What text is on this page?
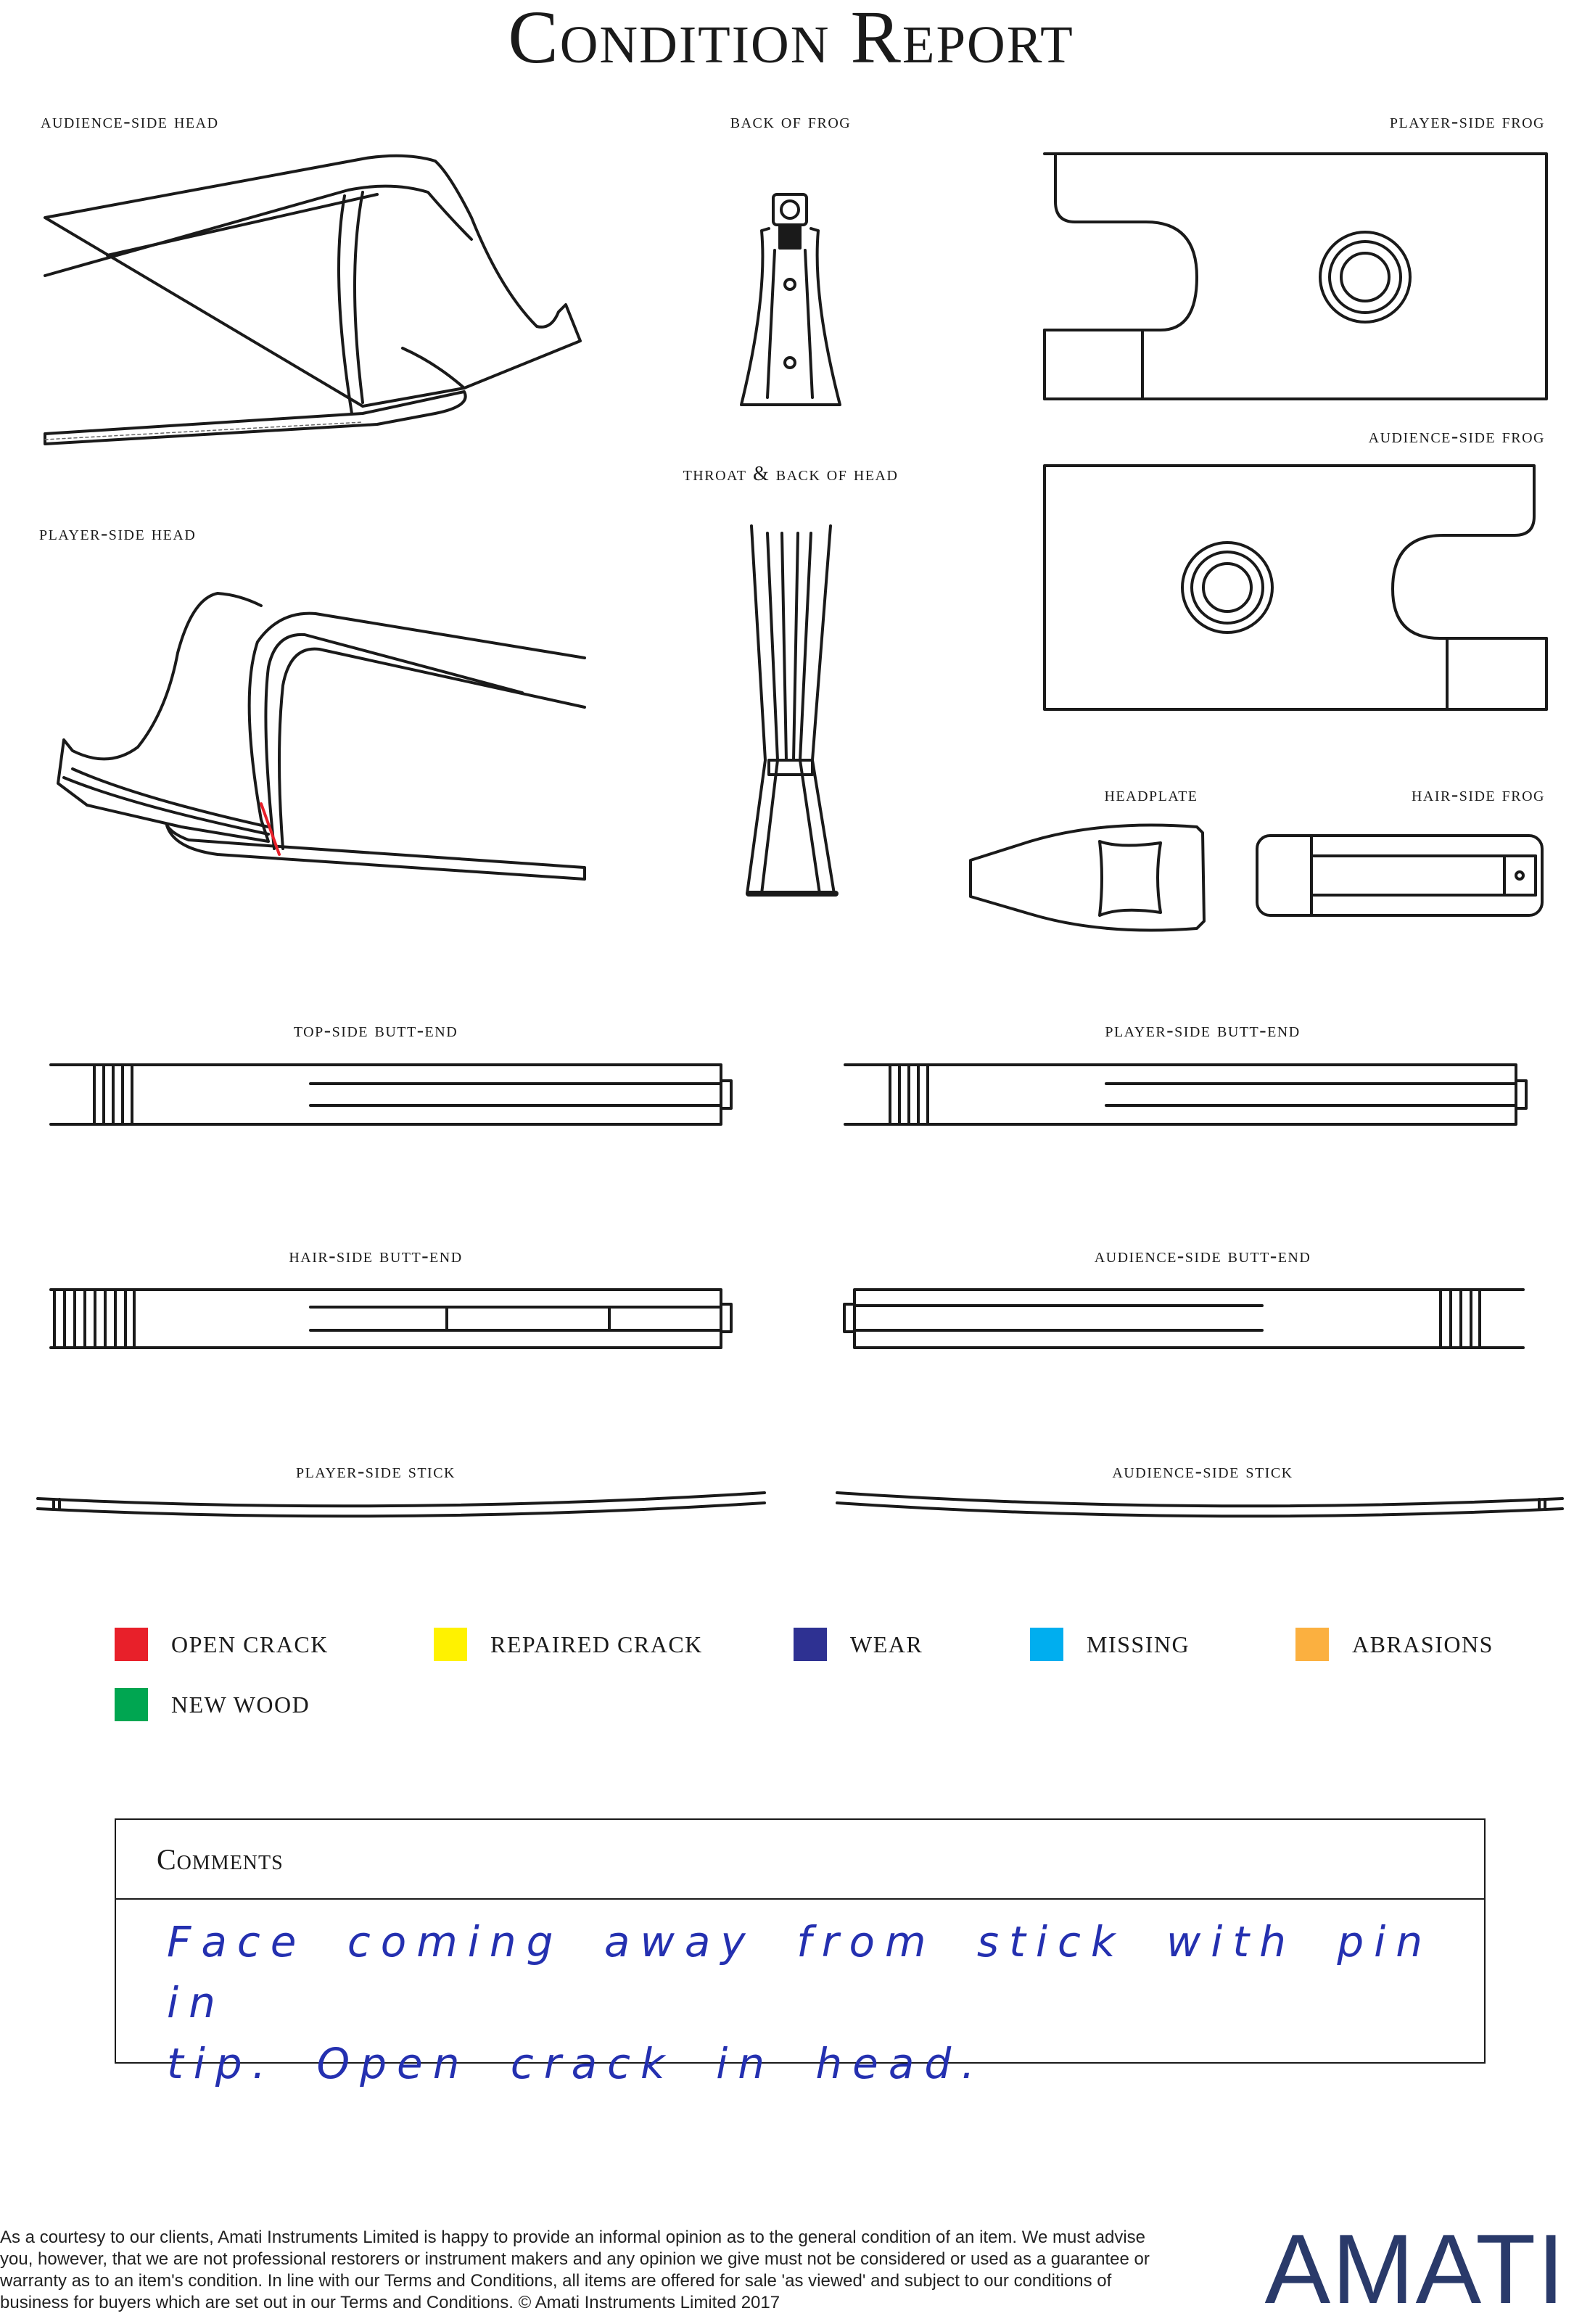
Condition Report
audience-side head	back of frog	player-side frog
audience-side frog
throat & back of head
player-side head
headplate	hair-side frog
top-side butt-end	player-side butt-end
hair-side butt-end	audience-side butt-end
player-side stick	audience-side stick
OPEN CRACK	REPAIRED CRACK	WEAR	MISSING	ABRASIONS
NEW WOOD
Comments
Face coming away from stick with pin in
tip. Open crack in head.
As a courtesy to our clients, Amati Instruments Limited is happy to provide an informal opinion as to the general condition of an item. We must advise you, however, that we are not professional restorers or instrument makers and any opinion we give must not be considered or used as a guarantee or warranty as to an item's condition. In line with our Terms and Conditions, all items are offered for sale 'as viewed' and subject to our conditions of business for buyers which are set out in our Terms and Conditions. © Amati Instruments Limited 2017	AMATI
